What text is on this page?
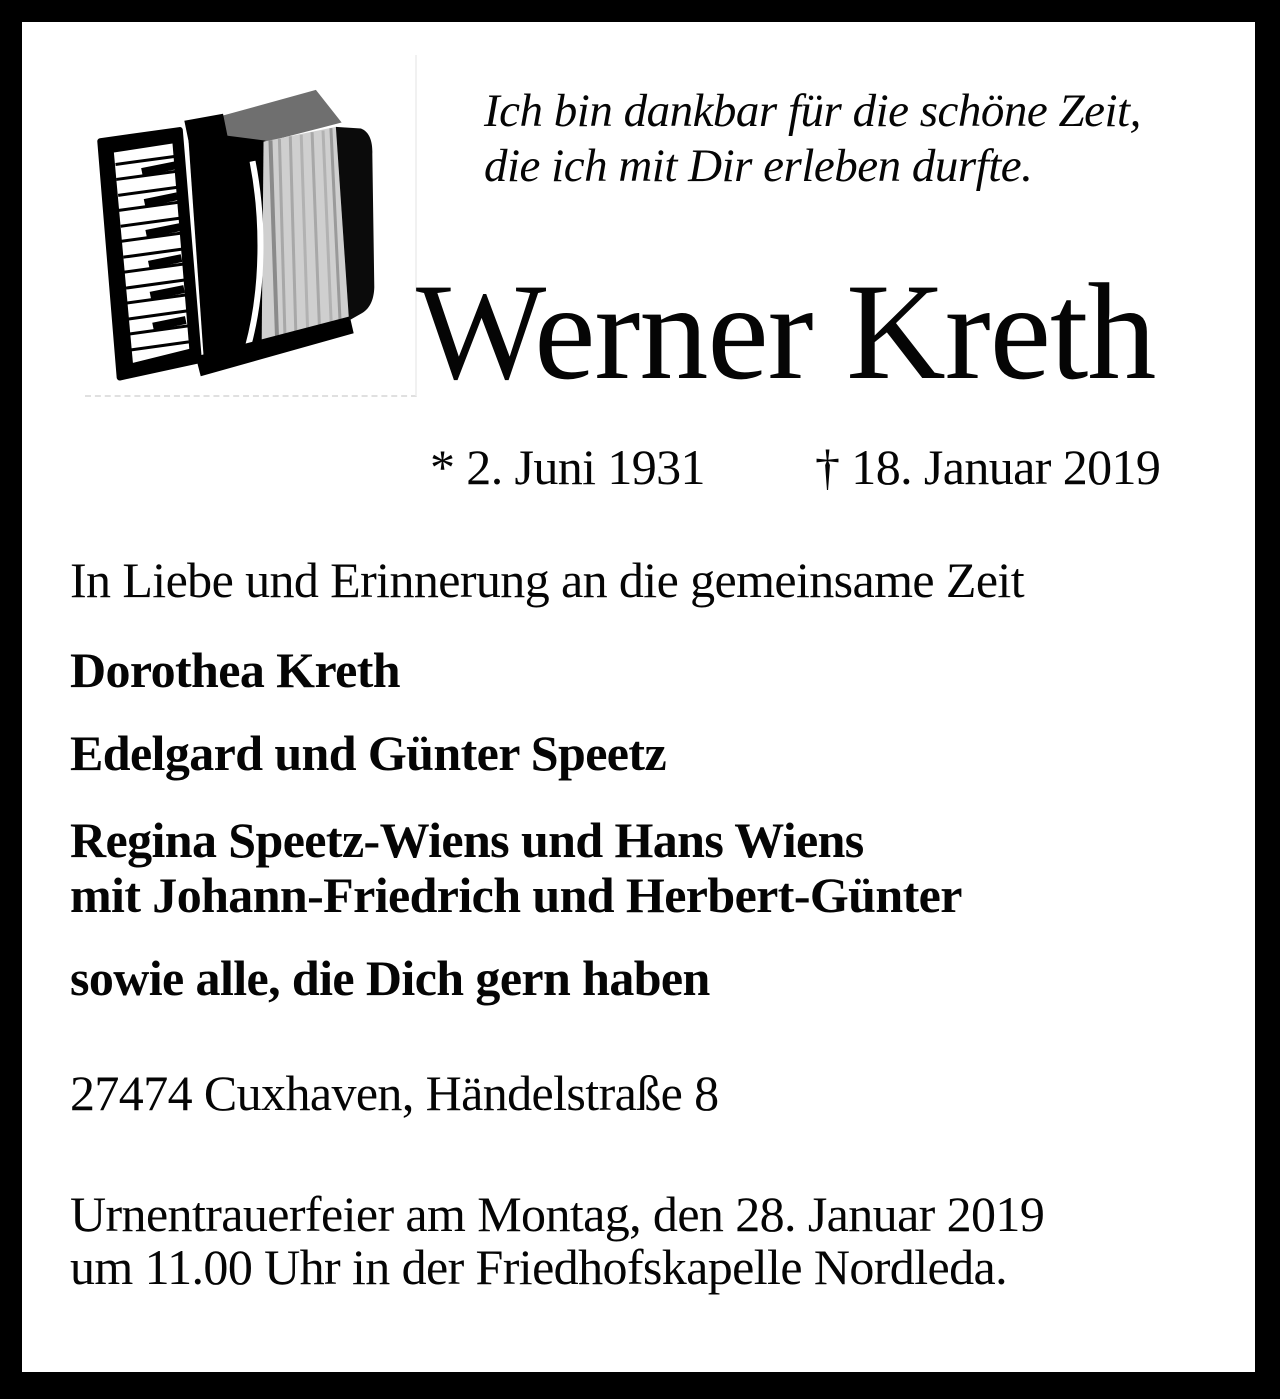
Ich bin dankbar für die schöne Zeit,
die ich mit Dir erleben durfte.
Werner Kreth
* 2. Juni 1931 † 18. Januar 2019
In Liebe und Erinnerung an die gemeinsame Zeit
Dorothea Kreth
Edelgard und Günter Speetz
Regina Speetz-Wiens und Hans Wiens
mit Johann-Friedrich und Herbert-Günter
sowie alle, die Dich gern haben
27474 Cuxhaven, Händelstraße 8
Urnentrauerfeier am Montag, den 28. Januar 2019
um 11.00 Uhr in der Friedhofskapelle Nordleda.
